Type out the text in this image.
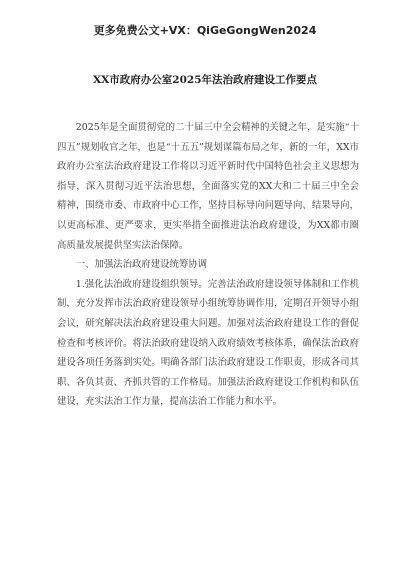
更多免费公文+VX：QiGeGongWen2024
XX市政府办公室2025年法治政府建设工作要点

2025年是全面贯彻党的二十届三中全会精神的关键之年，是实施“十四五”规划收官之年，也是“十五五”规划谋篇布局之年，新的一年，XX市政府办公室法治政府建设工作将以习近平新时代中国特色社会主义思想为指导，深入贯彻习近平法治思想，全面落实党的XX大和二十届三中全会精神，围绕市委、市政府中心工作，坚持目标导向问题导向、结果导向，以更高标准、更严要求，更实举措全面推进法治政府建设，为XX都市圈高质量发展提供坚实法治保障。

一、加强法治政府建设统筹协调

1.强化法治政府建设组织领导。完善法治政府建设领导体制和工作机制，充分发挥市法治政府建设领导小组统筹协调作用，定期召开领导小组会议，研究解决法治政府建设重大问题。加强对法治政府建设工作的督促检查和考核评价。将法治政府建设纳入政府绩效考核体系，确保法治政府建设各项任务落到实处。明确各部门法治政府建设工作职责，形成各司其职、各负其责、齐抓共管的工作格局。加强法治政府建设工作机构和队伍建设，充实法治工作力量，提高法治工作能力和水平。
